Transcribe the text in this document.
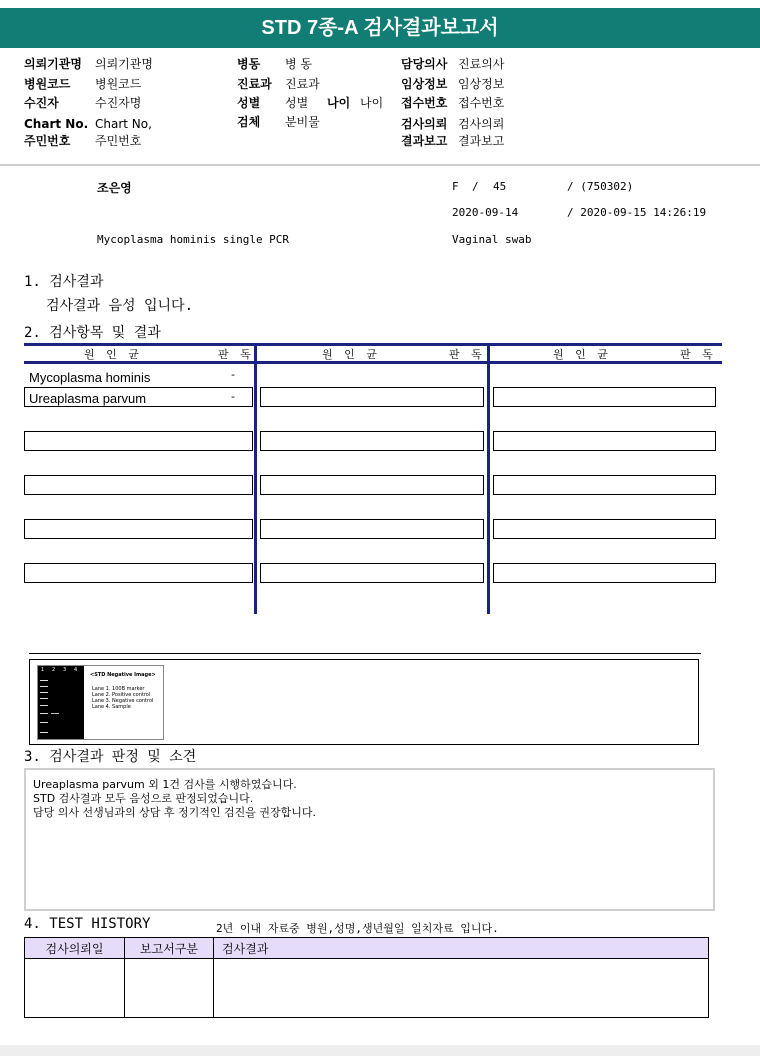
STD 7종-A 검사결과보고서
의뢰기관명 의뢰기관명
병원코드 병원코드
수진자	수진자명
Chart No. Chart No,
주민번호 주민번호
병동 병 동
진료과 진료과
성별 성별 나이 나이
검체 분비물
담당의사 진료의사
임상정보 임상정보
접수번호 접수번호
검사의뢰 검사의뢰
결과보고 결과보고
조은영	F / 45	/ (750302)
2020-09-14	/ 2020-09-15 14:26:19
Mycoplasma hominis single PCR	Vaginal swab
1. 검사결과
검사결과 음성 입니다.
2. 검사항목 및 결과
원 인 균	판 독	원 인 균	판 독	원 인 균	판 독
Mycoplasma hominis	-
Ureaplasma parvum	-
1 2 3 4
<STD Negative Image>
Lane 1. 100B marker
Lane 2. Positive control
Lane 3. Negative control
Lane 4. Sample
3. 검사결과 판정 및 소견
Ureaplasma parvum 외 1건 검사를 시행하였습니다.
STD 검사결과 모두 음성으로 판정되었습니다.
담당 의사 선생님과의 상담 후 정기적인 검진을 권장합니다.
4. TEST HISTORY	2년 이내 자료중 병원,성명,생년월일 일치자료 입니다.
검사의뢰일	보고서구분	검사결과
